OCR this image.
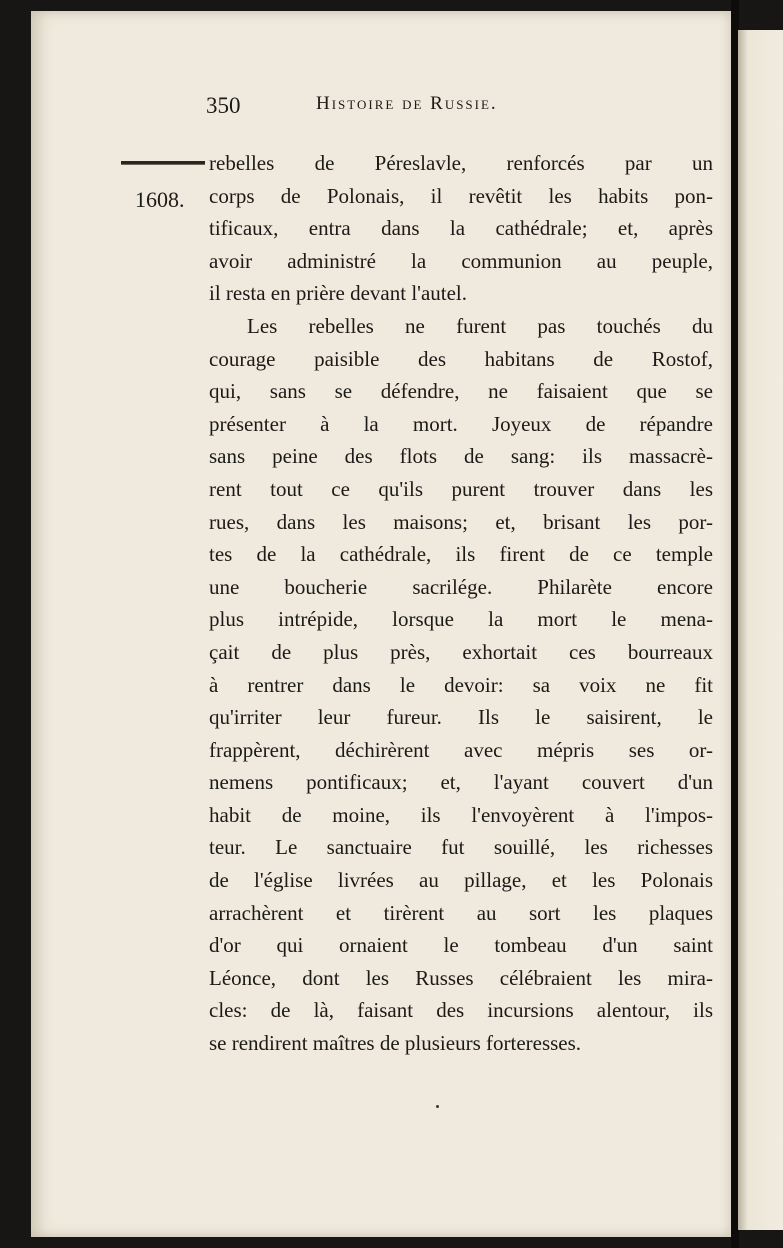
350	Histoire de Russie.
1608.
rebelles de Péreslavle, renforcés par un
corps de Polonais, il revêtit les habits pon-
tificaux, entra dans la cathédrale; et, après
avoir administré la communion au peuple,
il resta en prière devant l'autel.
Les rebelles ne furent pas touchés du
courage paisible des habitans de Rostof,
qui, sans se défendre, ne faisaient que se
présenter à la mort. Joyeux de répandre
sans peine des flots de sang: ils massacrè-
rent tout ce qu'ils purent trouver dans les
rues, dans les maisons; et, brisant les por-
tes de la cathédrale, ils firent de ce temple
une boucherie sacrilége. Philarète encore
plus intrépide, lorsque la mort le mena-
çait de plus près, exhortait ces bourreaux
à rentrer dans le devoir: sa voix ne fit
qu'irriter leur fureur. Ils le saisirent, le
frappèrent, déchirèrent avec mépris ses or-
nemens pontificaux; et, l'ayant couvert d'un
habit de moine, ils l'envoyèrent à l'impos-
teur. Le sanctuaire fut souillé, les richesses
de l'église livrées au pillage, et les Polonais
arrachèrent et tirèrent au sort les plaques
d'or qui ornaient le tombeau d'un saint
Léonce, dont les Russes célébraient les mira-
cles: de là, faisant des incursions alentour, ils
se rendirent maîtres de plusieurs forteresses.
